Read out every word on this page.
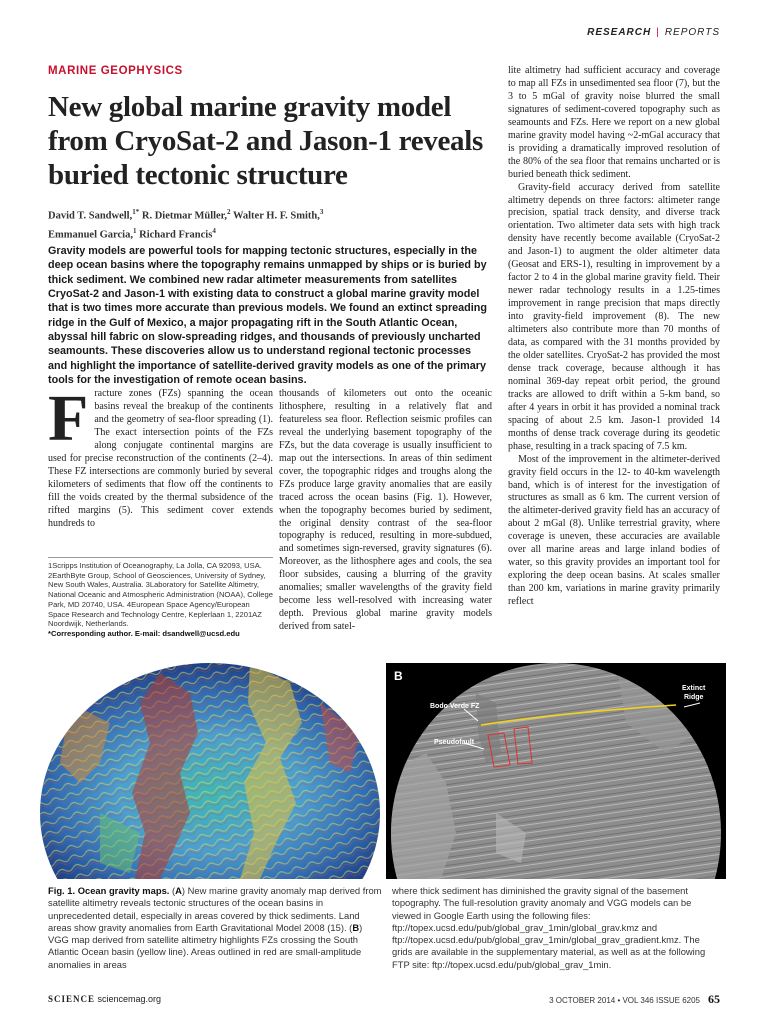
RESEARCH | REPORTS
MARINE GEOPHYSICS
New global marine gravity model from CryoSat-2 and Jason-1 reveals buried tectonic structure
David T. Sandwell,$^{1*}$ R. Dietmar Müller,$^2$ Walter H. F. Smith,$^3$
Emmanuel Garcia,$^1$ Richard Francis$^4$

Gravity models are powerful tools for mapping tectonic structures, especially in the deep ocean basins where the topography remains unmapped by ships or is buried by thick sediment. We combined new radar altimeter measurements from satellites CryoSat-2 and Jason-1 with existing data to construct a global marine gravity model that is two times more accurate than previous models. We found an extinct spreading ridge in the Gulf of Mexico, a major propagating rift in the South Atlantic Ocean, abyssal hill fabric on slow-spreading ridges, and thousands of previously uncharted seamounts. These discoveries allow us to understand regional tectonic processes and highlight the importance of satellite-derived gravity models as one of the primary tools for the investigation of remote ocean basins.

F racture zones (FZs) spanning the ocean basins reveal the breakup of the continents and the geometry of sea-floor spreading (1). The exact intersection points of the FZs along conjugate continental margins are used for precise reconstruction of the continents (2–4). These FZ intersections are commonly buried by several kilometers of sediments that flow off the continents to fill the voids created by the thermal subsidence of the rifted margins (5). This sediment cover extends hundreds to

1Scripps Institution of Oceanography, La Jolla, CA 92093, USA. 2EarthByte Group, School of Geosciences, University of Sydney, New South Wales, Australia. 3Laboratory for Satellite Altimetry, National Oceanic and Atmospheric Administration (NOAA), College Park, MD 20740, USA. 4European Space Agency/European Space Research and Technology Centre, Keplerlaan 1, 2201AZ Noordwijk, Netherlands.
*Corresponding author. E-mail: dsandwell@ucsd.edu

thousands of kilometers out onto the oceanic lithosphere, resulting in a relatively flat and featureless sea floor. Reflection seismic profiles can reveal the underlying basement topography of the FZs, but the data coverage is usually insufficient to map out the intersections. In areas of thin sediment cover, the topographic ridges and troughs along the FZs produce large gravity anomalies that are easily traced across the ocean basins (Fig. 1). However, when the topography becomes buried by sediment, the original density contrast of the sea-floor topography is reduced, resulting in more-subdued, and sometimes sign-reversed, gravity signatures (6). Moreover, as the lithosphere ages and cools, the sea floor subsides, causing a blurring of the gravity anomalies; smaller wavelengths of the gravity field become less well-resolved with increasing water depth. Previous global marine gravity models derived from satel-

lite altimetry had sufficient accuracy and coverage to map all FZs in unsedimented sea floor (7), but the 3 to 5 mGal of gravity noise blurred the small signatures of sediment-covered topography such as seamounts and FZs. Here we report on a new global marine gravity model having ~2-mGal accuracy that is providing a dramatically improved resolution of the 80% of the sea floor that remains uncharted or is buried beneath thick sediment.

Gravity-field accuracy derived from satellite altimetry depends on three factors: altimeter range precision, spatial track density, and diverse track orientation. Two altimeter data sets with high track density have recently become available (CryoSat-2 and Jason-1) to augment the older altimeter data (Geosat and ERS-1), resulting in improvement by a factor 2 to 4 in the global marine gravity field. Their newer radar technology results in a 1.25-times improvement in range precision that maps directly into gravity-field improvement (8). The new altimeters also contribute more than 70 months of data, as compared with the 31 months provided by the older satellites. CryoSat-2 has provided the most dense track coverage, because although it has nominal 369-day repeat orbit period, the ground tracks are allowed to drift within a 5-km band, so after 4 years in orbit it has provided a nominal track spacing of about 2.5 km. Jason-1 provided 14 months of dense track coverage during its geodetic phase, resulting in a track spacing of 7.5 km.

Most of the improvement in the altimeter-derived gravity field occurs in the 12- to 40-km wavelength band, which is of interest for the investigation of structures as small as 6 km. The current version of the altimeter-derived gravity field has an accuracy of about 2 mGal (8). Unlike terrestrial gravity, where coverage is uneven, these accuracies are available over all marine areas and large inland bodies of water, so this gravity provides an important tool for exploring the deep ocean basins. At scales smaller than 200 km, variations in marine gravity primarily reflect

A	B
Bodo Verde FZ
Pseudofault
Extinct
Ridge
Fig. 1. Ocean gravity maps. (A) New marine gravity anomaly map derived from satellite altimetry reveals tectonic structures of the ocean basins in unprecedented detail, especially in areas covered by thick sediments. Land areas show gravity anomalies from Earth Gravitational Model 2008 (15). (B) VGG map derived from satellite altimetry highlights FZs crossing the South Atlantic Ocean basin (yellow line). Areas outlined in red are small-amplitude anomalies in areas
where thick sediment has diminished the gravity signal of the basement topography. The full-resolution gravity anomaly and VGG models can be viewed in Google Earth using the following files: ftp://topex.ucsd.edu/pub/global_grav_1min/global_grav.kmz and ftp://topex.ucsd.edu/pub/global_grav_1min/global_grav_gradient.kmz. The grids are available in the supplementary material, as well as at the following FTP site: ftp://topex.ucsd.edu/pub/global_grav_1min.
SCIENCE sciencemag.org	3 OCTOBER 2014 • VOL 346 ISSUE 6205 65
